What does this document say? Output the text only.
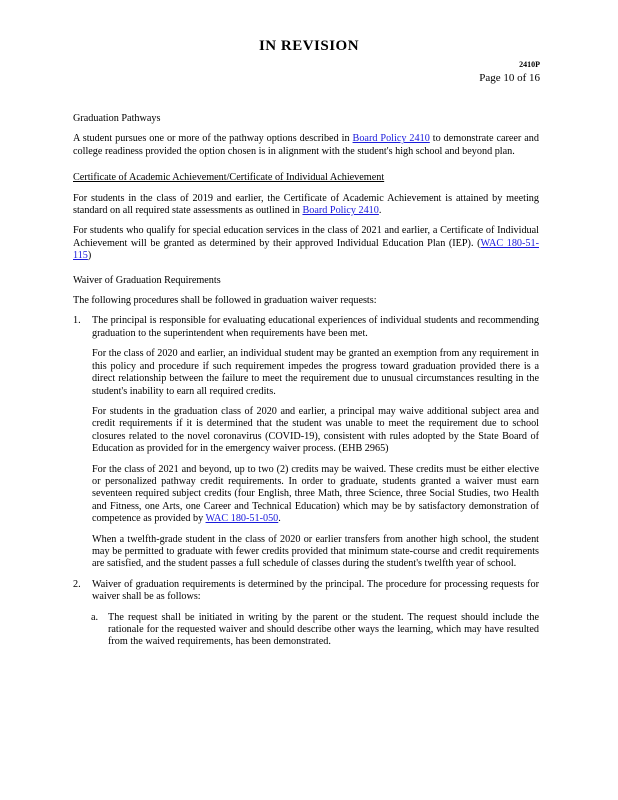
IN REVISION
2410P
Page 10 of 16

Graduation Pathways

A student pursues one or more of the pathway options described in Board Policy 2410 to demonstrate career and college readiness provided the option chosen is in alignment with the student's high school and beyond plan.

Certificate of Academic Achievement/Certificate of Individual Achievement

For students in the class of 2019 and earlier, the Certificate of Academic Achievement is attained by meeting standard on all required state assessments as outlined in Board Policy 2410.

For students who qualify for special education services in the class of 2021 and earlier, a Certificate of Individual Achievement will be granted as determined by their approved Individual Education Plan (IEP). (WAC 180-51-115)

Waiver of Graduation Requirements

The following procedures shall be followed in graduation waiver requests:

1. The principal is responsible for evaluating educational experiences of individual students and recommending graduation to the superintendent when requirements have been met.

For the class of 2020 and earlier, an individual student may be granted an exemption from any requirement in this policy and procedure if such requirement impedes the progress toward graduation provided there is a direct relationship between the failure to meet the requirement due to unusual circumstances resulting in the student's inability to earn all required credits.

For students in the graduation class of 2020 and earlier, a principal may waive additional subject area and credit requirements if it is determined that the student was unable to meet the requirement due to school closures related to the novel coronavirus (COVID-19), consistent with rules adopted by the State Board of Education as provided for in the emergency waiver process. (EHB 2965)

For the class of 2021 and beyond, up to two (2) credits may be waived. These credits must be either elective or personalized pathway credit requirements. In order to graduate, students granted a waiver must earn seventeen required subject credits (four English, three Math, three Science, three Social Studies, two Health and Fitness, one Arts, one Career and Technical Education) which may be by satisfactory demonstration of competence as provided by WAC 180-51-050.

When a twelfth-grade student in the class of 2020 or earlier transfers from another high school, the student may be permitted to graduate with fewer credits provided that minimum state-course and credit requirements are satisfied, and the student passes a full schedule of classes during the student's twelfth year of school.

2. Waiver of graduation requirements is determined by the principal. The procedure for processing requests for waiver shall be as follows:

a. The request shall be initiated in writing by the parent or the student. The request should include the rationale for the requested waiver and should describe other ways the learning, which may have resulted from the waived requirements, has been demonstrated.
